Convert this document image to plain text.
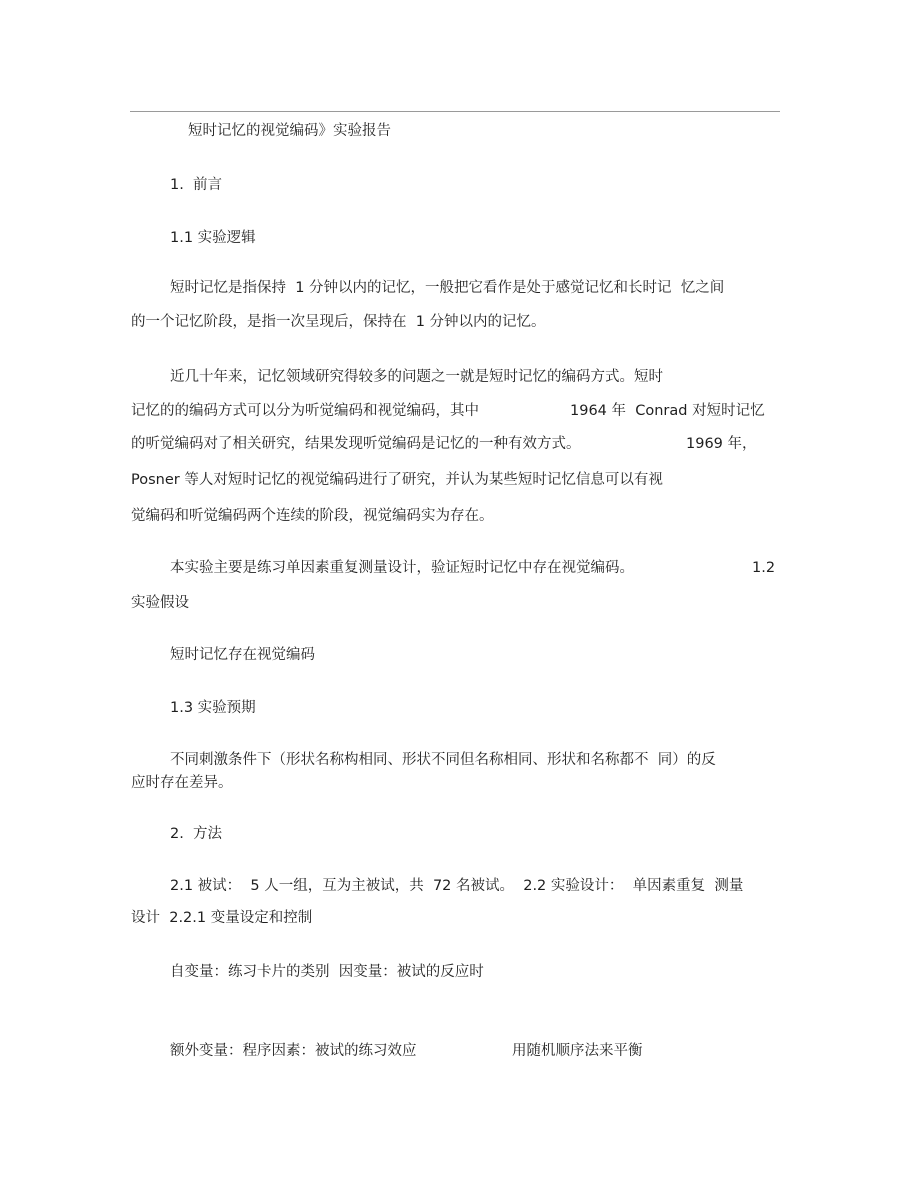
短时记忆的视觉编码》实验报告
1.  前言
1.1 实验逻辑
短时记忆是指保持  1 分钟以内的记忆，一般把它看作是处于感觉记忆和长时记  忆之间
的一个记忆阶段，是指一次呈现后，保持在  1 分钟以内的记忆。
近几十年来，记忆领域研究得较多的问题之一就是短时记忆的编码方式。短时
记忆的的编码方式可以分为听觉编码和视觉编码，其中	1964 年  Conrad 对短时记忆
的听觉编码对了相关研究，结果发现听觉编码是记忆的一种有效方式。	1969 年，
Posner 等人对短时记忆的视觉编码进行了研究，并认为某些短时记忆信息可以有视
觉编码和听觉编码两个连续的阶段，视觉编码实为存在。
本实验主要是练习单因素重复测量设计，验证短时记忆中存在视觉编码。	1.2
实验假设
短时记忆存在视觉编码
1.3 实验预期
不同刺激条件下（形状名称构相同、形状不同但名称相同、形状和名称都不  同）的反
应时存在差异。
2.  方法
2.1 被试：  5 人一组，互为主被试，共  72 名被试。  2.2 实验设计：  单因素重复  测量
设计  2.2.1 变量设定和控制
自变量：练习卡片的类别  因变量：被试的反应时
额外变量：程序因素：被试的练习效应	用随机顺序法来平衡
